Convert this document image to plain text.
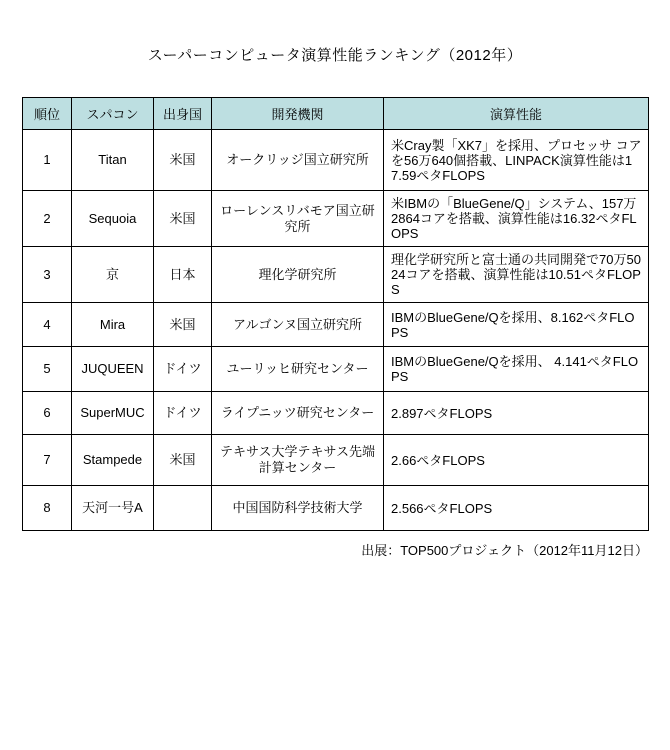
スーパーコンピュータ演算性能ランキング（2012年）
順位	スパコン	出身国	開発機関	演算性能
1	Titan	米国	オークリッジ国立研究所	米Cray製「XK7」を採用、プロセッサ コアを56万640個搭載、LINPACK演算性能は17.59ペタFLOPS
2	Sequoia	米国	ローレンスリバモア国立研究所	米IBMの「BlueGene/Q」システム、157万2864コアを搭載、演算性能は16.32ペタFLOPS
3	京	日本	理化学研究所	理化学研究所と富士通の共同開発で70万5024コアを搭載、演算性能は10.51ペタFLOPS
4	Mira	米国	アルゴンヌ国立研究所	IBMのBlueGene/Qを採用、8.162ペタFLOPS
5	JUQUEEN	ドイツ	ユーリッヒ研究センター	IBMのBlueGene/Qを採用、 4.141ペタFLOPS
6	SuperMUC	ドイツ	ライプニッツ研究センター	2.897ペタFLOPS
7	Stampede	米国	テキサス大学テキサス先端計算センター	2.66ペタFLOPS
8	天河一号A		中国国防科学技術大学	2.566ペタFLOPS
出展：TOP500プロジェクト（2012年11月12日）
